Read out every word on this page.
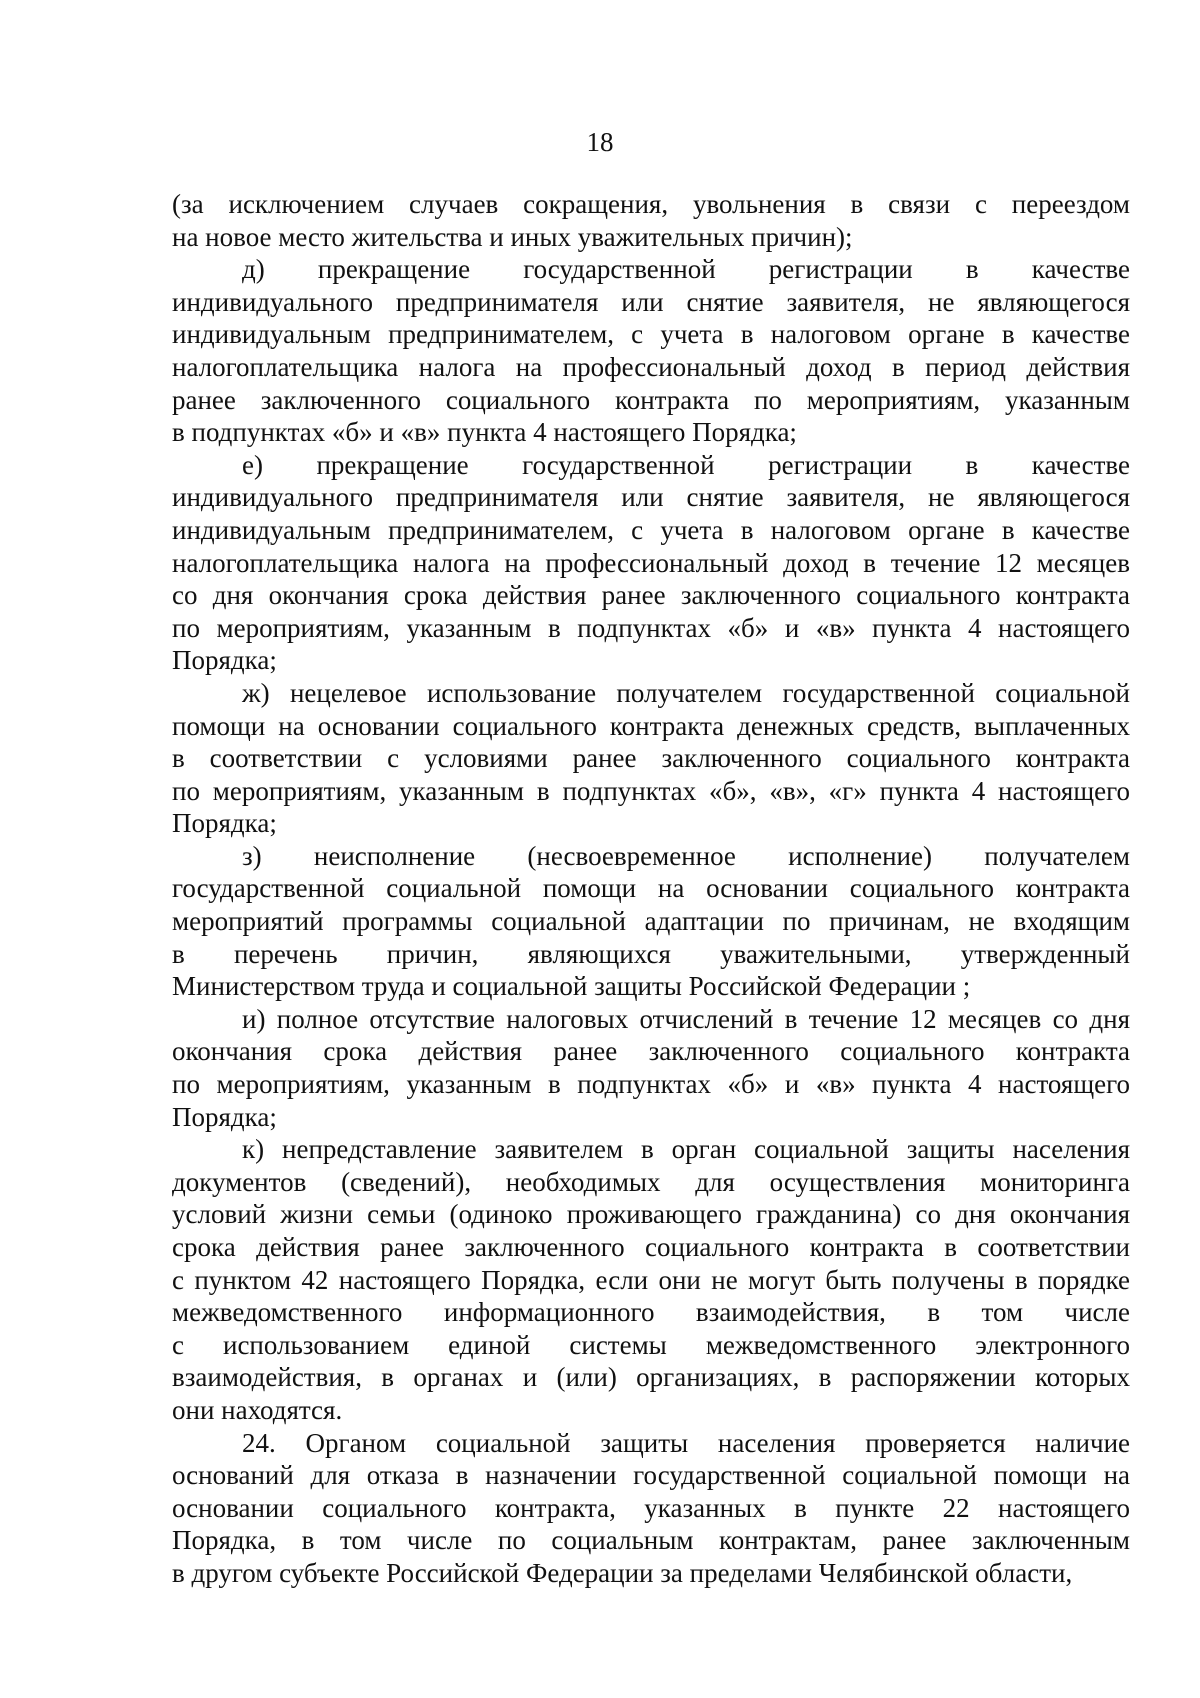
18
(за исключением случаев сокращения, увольнения в связи с переездом
на новое место жительства и иных уважительных причин);
д) прекращение государственной регистрации в качестве
индивидуального предпринимателя или снятие заявителя, не являющегося
индивидуальным предпринимателем, с учета в налоговом органе в качестве
налогоплательщика налога на профессиональный доход в период действия
ранее заключенного социального контракта по мероприятиям, указанным
в подпунктах «б» и «в» пункта 4 настоящего Порядка;
е) прекращение государственной регистрации в качестве
индивидуального предпринимателя или снятие заявителя, не являющегося
индивидуальным предпринимателем, с учета в налоговом органе в качестве
налогоплательщика налога на профессиональный доход в течение 12 месяцев
со дня окончания срока действия ранее заключенного социального контракта
по мероприятиям, указанным в подпунктах «б» и «в» пункта 4 настоящего
Порядка;
ж) нецелевое использование получателем государственной социальной
помощи на основании социального контракта денежных средств, выплаченных
в соответствии с условиями ранее заключенного социального контракта
по мероприятиям, указанным в подпунктах «б», «в», «г» пункта 4 настоящего
Порядка;
з) неисполнение (несвоевременное исполнение) получателем
государственной социальной помощи на основании социального контракта
мероприятий программы социальной адаптации по причинам, не входящим
в перечень причин, являющихся уважительными, утвержденный
Министерством труда и социальной защиты Российской Федерации ;
и) полное отсутствие налоговых отчислений в течение 12 месяцев со дня
окончания срока действия ранее заключенного социального контракта
по мероприятиям, указанным в подпунктах «б» и «в» пункта 4 настоящего
Порядка;
к) непредставление заявителем в орган социальной защиты населения
документов (сведений), необходимых для осуществления мониторинга
условий жизни семьи (одиноко проживающего гражданина) со дня окончания
срока действия ранее заключенного социального контракта в соответствии
с пунктом 42 настоящего Порядка, если они не могут быть получены в порядке
межведомственного информационного взаимодействия, в том числе
с использованием единой системы межведомственного электронного
взаимодействия, в органах и (или) организациях, в распоряжении которых
они находятся.
24. Органом социальной защиты населения проверяется наличие
оснований для отказа в назначении государственной социальной помощи на
основании социального контракта, указанных в пункте 22 настоящего
Порядка, в том числе по социальным контрактам, ранее заключенным
в другом субъекте Российской Федерации за пределами Челябинской области,
